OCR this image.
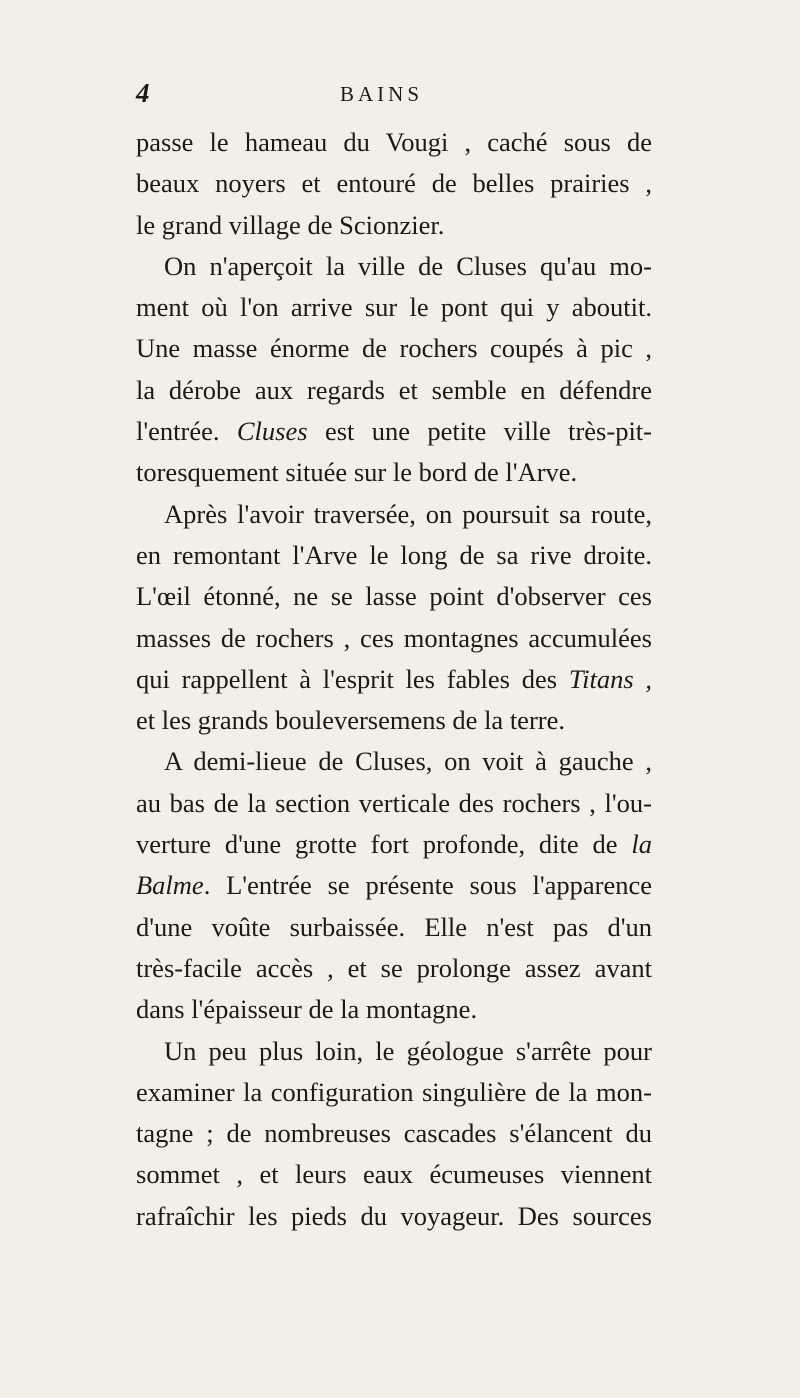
4	BAINS
passe le hameau du Vougi , caché sous de
beaux noyers et entouré de belles prairies ,
le grand village de Scionzier.
On n'aperçoit la ville de Cluses qu'au mo-
ment où l'on arrive sur le pont qui y aboutit.
Une masse énorme de rochers coupés à pic ,
la dérobe aux regards et semble en défendre
l'entrée. Cluses est une petite ville très-pit-
toresquement située sur le bord de l'Arve.
Après l'avoir traversée, on poursuit sa route,
en remontant l'Arve le long de sa rive droite.
L'œil étonné, ne se lasse point d'observer ces
masses de rochers , ces montagnes accumulées
qui rappellent à l'esprit les fables des Titans ,
et les grands bouleversemens de la terre.
A demi-lieue de Cluses, on voit à gauche ,
au bas de la section verticale des rochers , l'ou-
verture d'une grotte fort profonde, dite de la
Balme. L'entrée se présente sous l'apparence
d'une voûte surbaissée. Elle n'est pas d'un
très-facile accès , et se prolonge assez avant
dans l'épaisseur de la montagne.
Un peu plus loin, le géologue s'arrête pour
examiner la configuration singulière de la mon-
tagne ; de nombreuses cascades s'élancent du
sommet , et leurs eaux écumeuses viennent
rafraîchir les pieds du voyageur. Des sources
